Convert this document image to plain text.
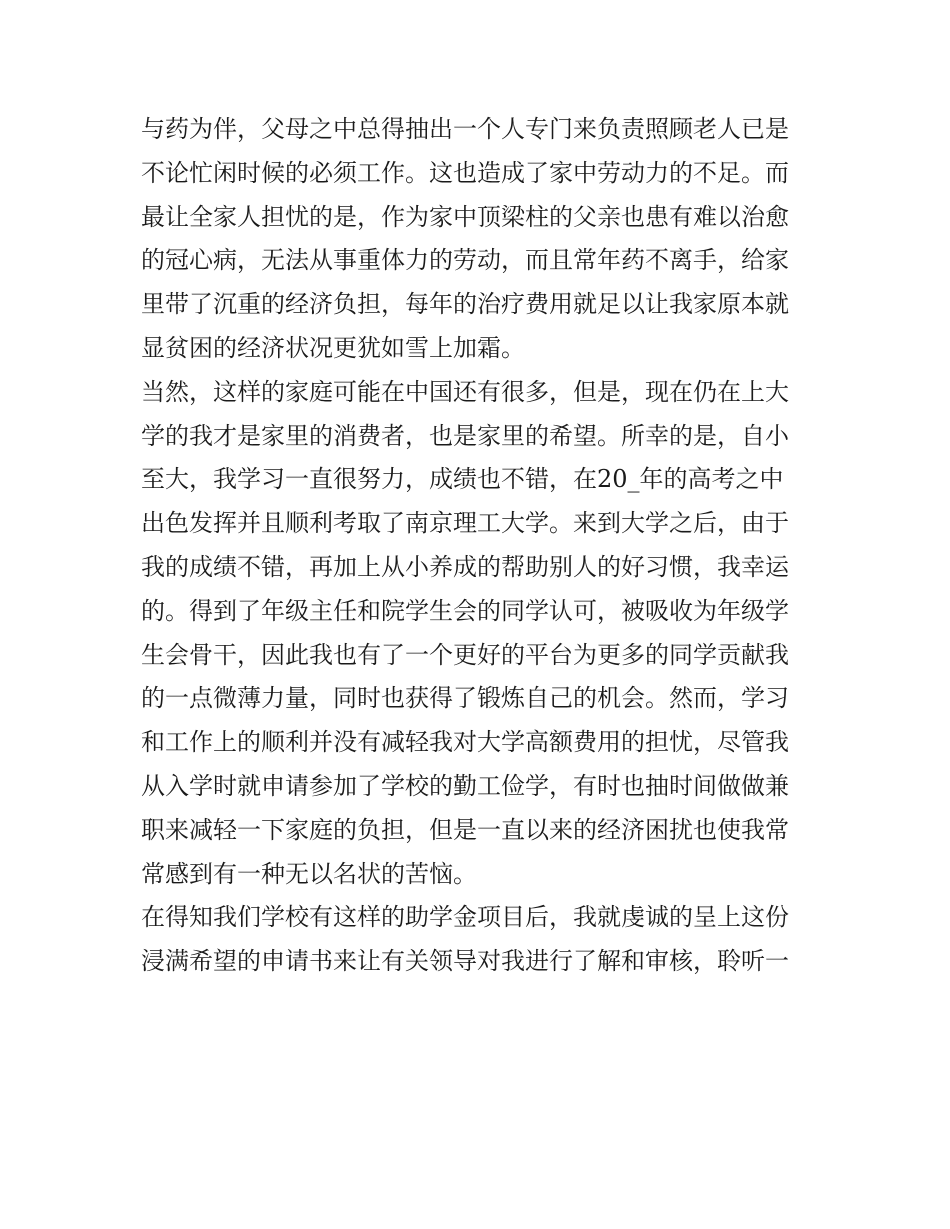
与药为伴，父母之中总得抽出一个人专门来负责照顾老人已是
不论忙闲时候的必须工作。这也造成了家中劳动力的不足。而
最让全家人担忧的是，作为家中顶梁柱的父亲也患有难以治愈
的冠心病，无法从事重体力的劳动，而且常年药不离手，给家
里带了沉重的经济负担，每年的治疗费用就足以让我家原本就
显贫困的经济状况更犹如雪上加霜。
当然，这样的家庭可能在中国还有很多，但是，现在仍在上大
学的我才是家里的消费者，也是家里的希望。所幸的是，自小
至大，我学习一直很努力，成绩也不错，在20_年的高考之中
出色发挥并且顺利考取了南京理工大学。来到大学之后，由于
我的成绩不错，再加上从小养成的帮助别人的好习惯，我幸运
的。得到了年级主任和院学生会的同学认可，被吸收为年级学
生会骨干，因此我也有了一个更好的平台为更多的同学贡献我
的一点微薄力量，同时也获得了锻炼自己的机会。然而，学习
和工作上的顺利并没有减轻我对大学高额费用的担忧，尽管我
从入学时就申请参加了学校的勤工俭学，有时也抽时间做做兼
职来减轻一下家庭的负担，但是一直以来的经济困扰也使我常
常感到有一种无以名状的苦恼。
在得知我们学校有这样的助学金项目后，我就虔诚的呈上这份
浸满希望的申请书来让有关领导对我进行了解和审核，聆听一
